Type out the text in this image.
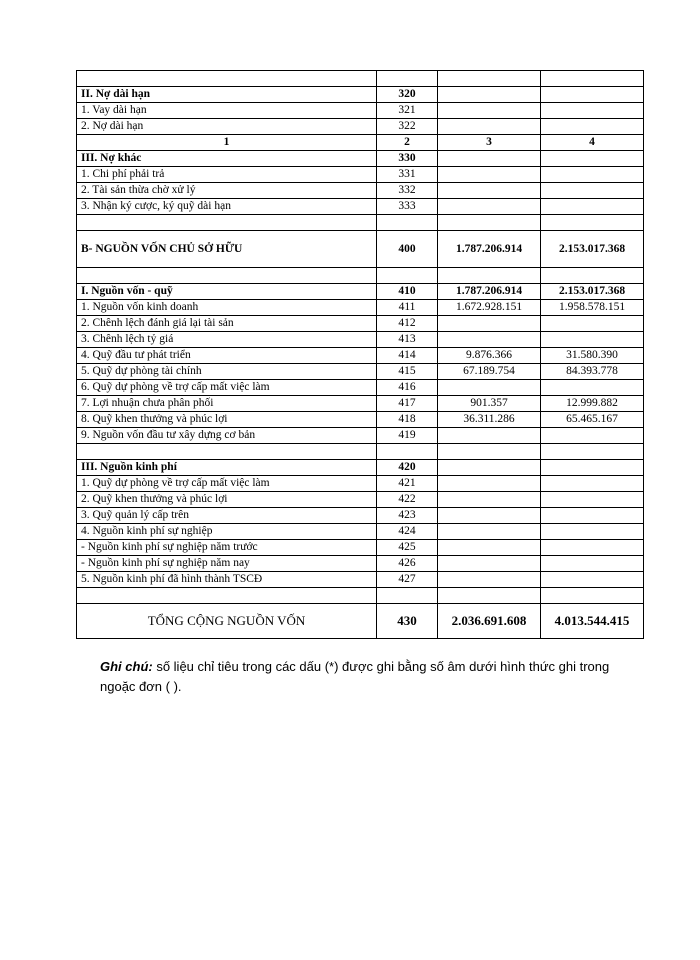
II. Nợ dài hạn	320		
1. Vay dài hạn	321		
2. Nợ dài hạn	322		
1	2	3	4
III. Nợ khác	330		
1. Chi phí phải trả	331		
2. Tài sản thừa chờ xử lý	332		
3. Nhận ký cược, ký quỹ dài hạn	333		

B- NGUỒN VỐN CHỦ SỞ HỮU	400	1.787.206.914	2.153.017.368

I. Nguồn vốn - quỹ	410	1.787.206.914	2.153.017.368
1. Nguồn vốn kinh doanh	411	1.672.928.151	1.958.578.151
2. Chênh lệch đánh giá lại tài sản	412		
3. Chênh lệch tỷ giá	413		
4. Quỹ đầu tư phát triển	414	9.876.366	31.580.390
5. Quỹ dự phòng tài chính	415	67.189.754	84.393.778
6. Quỹ dự phòng về trợ cấp mất việc làm	416		
7. Lợi nhuận chưa phân phối	417	901.357	12.999.882
8. Quỹ khen thưởng và phúc lợi	418	36.311.286	65.465.167
9. Nguồn vốn đầu tư xây dựng cơ bản	419		

III. Nguồn kinh phí	420		
1. Quỹ dự phòng về trợ cấp mất việc làm	421		
2. Quỹ khen thưởng và phúc lợi	422		
3. Quỹ quản lý cấp trên	423		
4. Nguồn kinh phí sự nghiệp	424		
- Nguồn kinh phí sự nghiệp năm trước	425		
- Nguồn kinh phí sự nghiệp năm nay	426		
5. Nguồn kinh phí đã hình thành TSCĐ	427		

TỔNG CỘNG NGUỒN VỐN	430	2.036.691.608	4.013.544.415
Ghi chú: số liệu chỉ tiêu trong các dấu (*) được ghi bằng số âm dưới hình thức ghi trong ngoặc đơn ( ).
